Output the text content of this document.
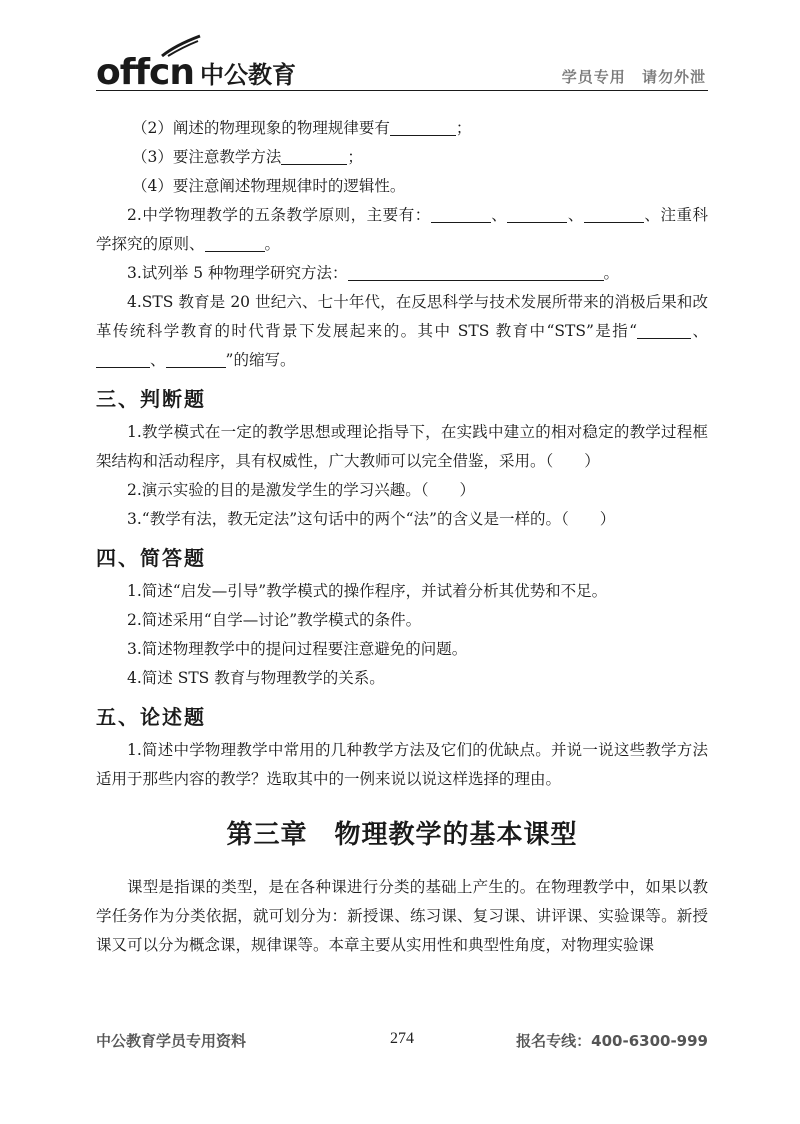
offcn 中公教育	学员专用 请勿外泄

（2）阐述的物理现象的物理规律要有	；

（3）要注意教学方法	；

（4）要注意阐述物理规律时的逻辑性。

2.中学物理教学的五条教学原则，主要有：	、	、	、注重科学探究的原则、	。

3.试列举 5 种物理学研究方法：	。

4.STS 教育是 20 世纪六、七十年代，在反思科学与技术发展所带来的消极后果和改革传统科学教育的时代背景下发展起来的。其中 STS 教育中“STS”是指“	、、	”的缩写。

三、判断题

1.教学模式在一定的教学思想或理论指导下，在实践中建立的相对稳定的教学过程框架结构和活动程序，具有权威性，广大教师可以完全借鉴，采用。（　　）

2.演示实验的目的是激发学生的学习兴趣。（　　）

3.“教学有法，教无定法”这句话中的两个“法”的含义是一样的。（　　）

四、简答题

1.简述“启发—引导”教学模式的操作程序，并试着分析其优势和不足。

2.简述采用“自学—讨论”教学模式的条件。

3.简述物理教学中的提问过程要注意避免的问题。

4.简述 STS 教育与物理教学的关系。

五、论述题

1.简述中学物理教学中常用的几种教学方法及它们的优缺点。并说一说这些教学方法适用于那些内容的教学？选取其中的一例来说以说这样选择的理由。

第三章　物理教学的基本课型

课型是指课的类型，是在各种课进行分类的基础上产生的。在物理教学中，如果以教学任务作为分类依据，就可划分为：新授课、练习课、复习课、讲评课、实验课等。新授课又可以分为概念课，规律课等。本章主要从实用性和典型性角度，对物理实验课

中公教育学员专用资料	274	报名专线：400-6300-999
